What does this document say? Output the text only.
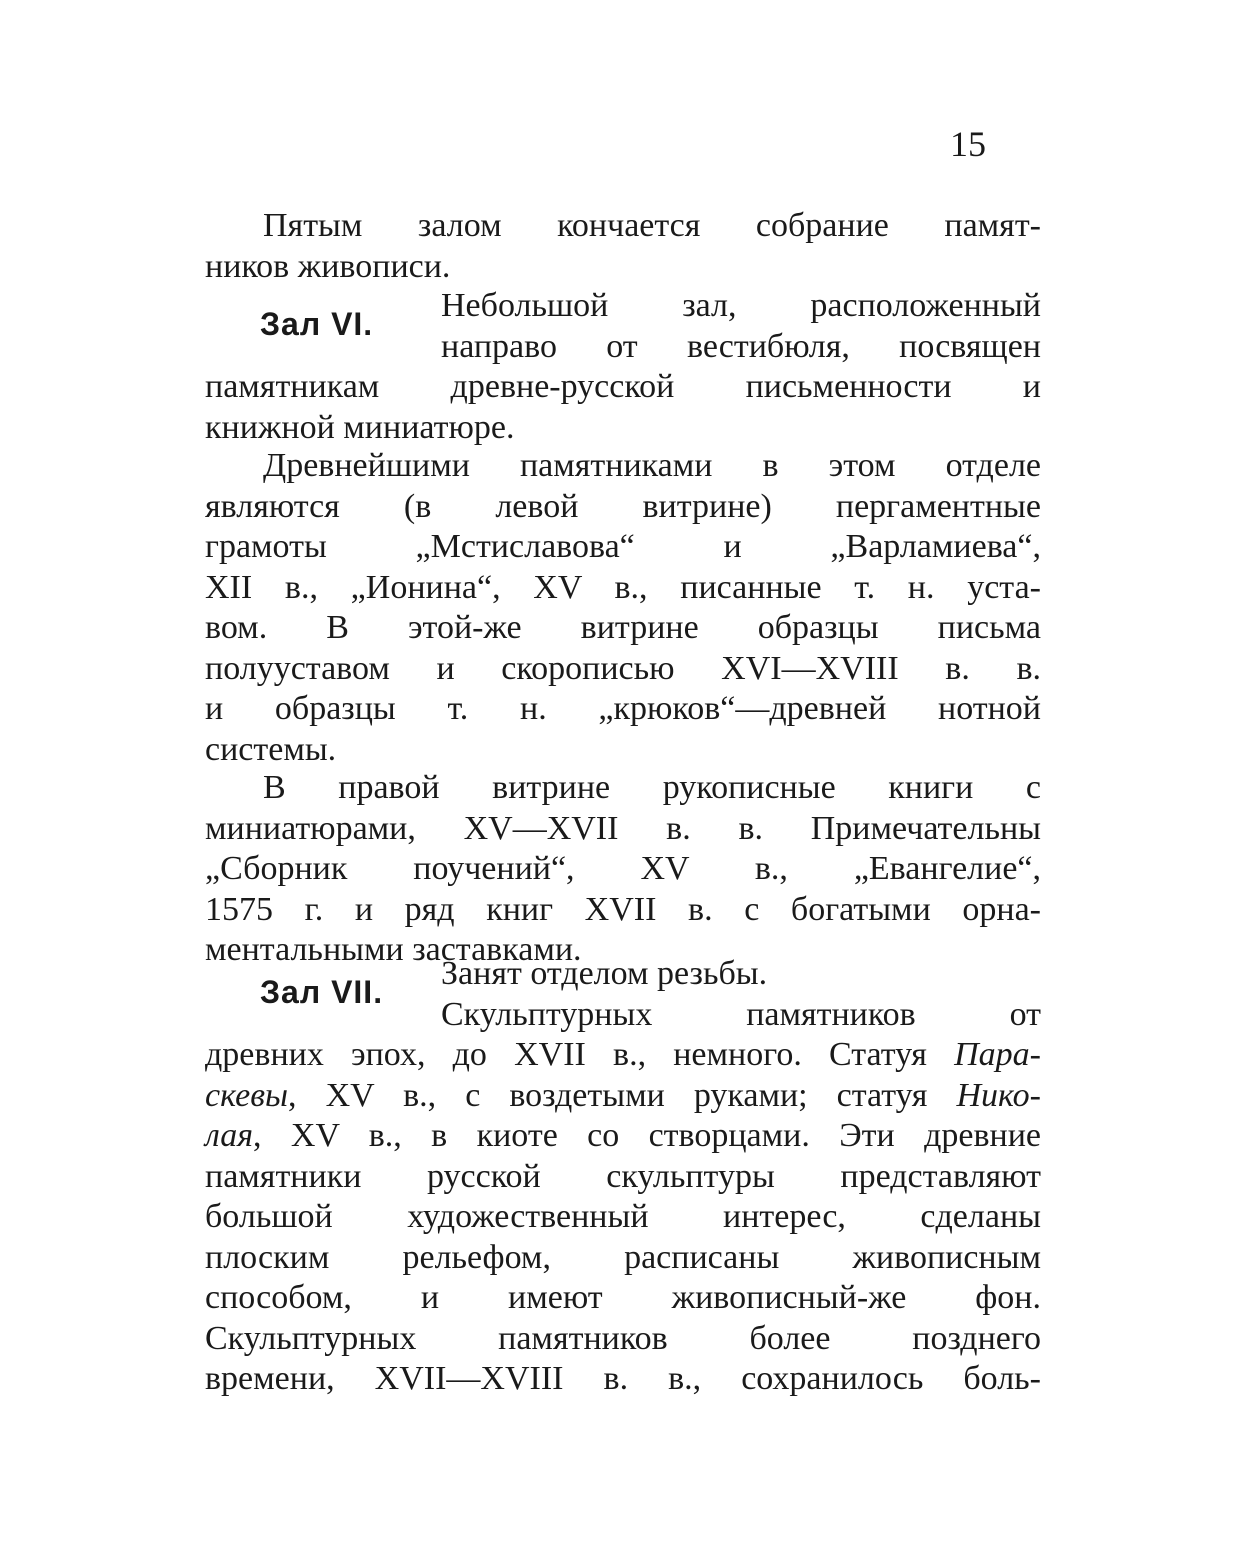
15
Пятым залом кончается собрание памят-
ников живописи.
Зал VI.	Небольшой зал, расположенный
направо от вестибюля, посвящен
памятникам древне-русской письменности и
книжной миниатюре.
Древнейшими памятниками в этом отделе
являются (в левой витрине) пергаментные
грамоты „Мстиславова“ и „Варламиева“,
XII в., „Ионина“, XV в., писанные т. н. уста-
вом. В этой-же витрине образцы письма
полууставом и скорописью XVI—XVIII в. в.
и образцы т. н. „крюков“—древней нотной
системы.
В правой витрине рукописные книги с
миниатюрами, XV—XVII в. в. Примечательны
„Сборник поучений“, XV в., „Евангелие“,
1575 г. и ряд книг XVII в. с богатыми орна-
ментальными заставками.
Зал VII.	Занят отделом резьбы.
Скульптурных памятников от
древних эпох, до XVII в., немного. Статуя Пара-
скевы, XV в., с воздетыми руками; статуя Нико-
лая, XV в., в киоте со створцами. Эти древние
памятники русской скульптуры представляют
большой художественный интерес, сделаны
плоским рельефом, расписаны живописным
способом, и имеют живописный-же фон.
Скульптурных памятников более позднего
времени, XVII—XVIII в. в., сохранилось боль-
